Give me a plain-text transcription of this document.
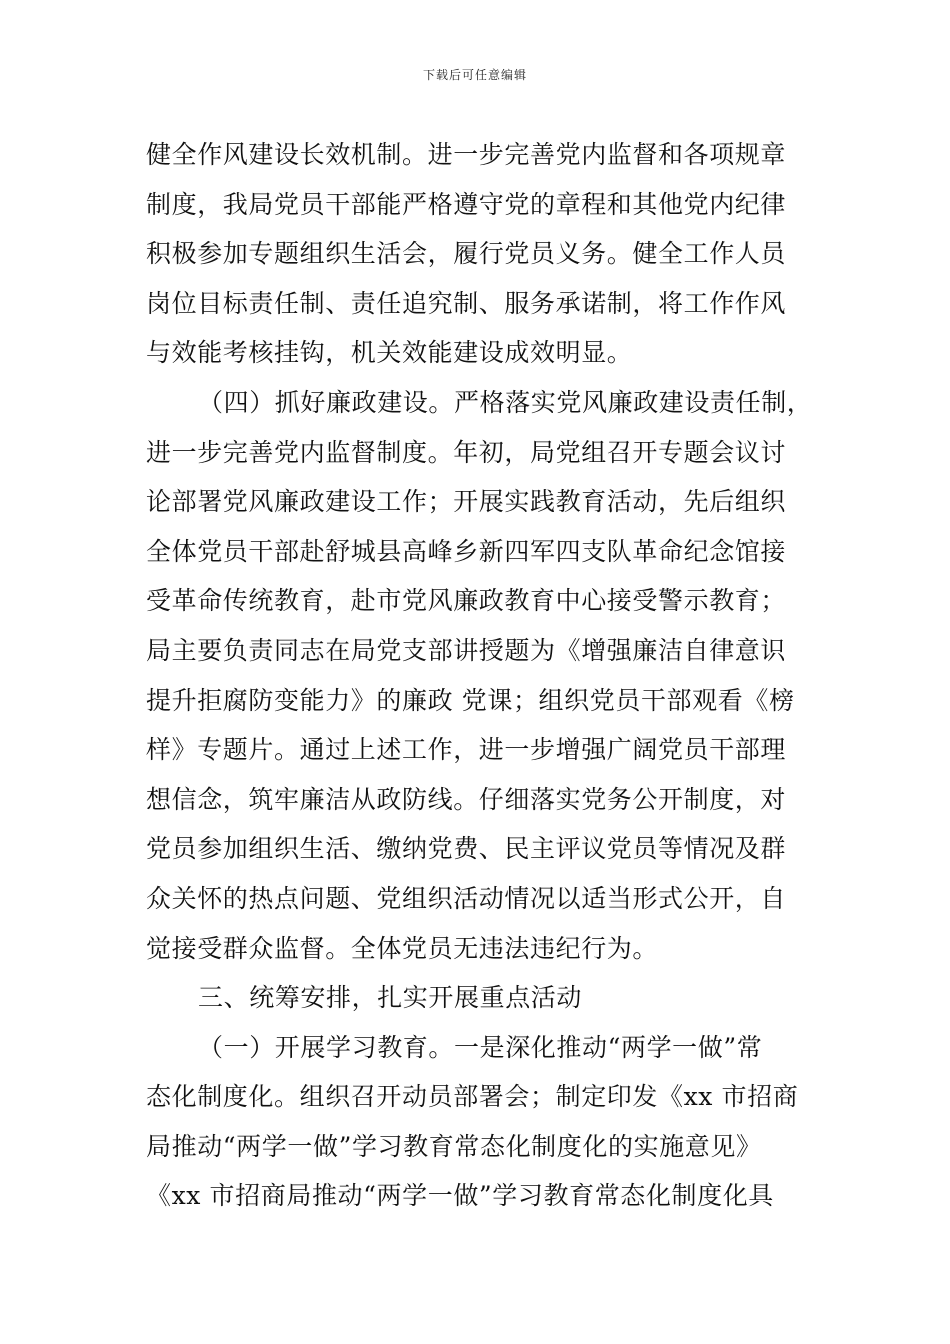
下载后可任意编辑
健全作风建设长效机制。进一步完善党内监督和各项规章
制度，我局党员干部能严格遵守党的章程和其他党内纪律
积极参加专题组织生活会，履行党员义务。健全工作人员
岗位目标责任制、责任追究制、服务承诺制，将工作作风
与效能考核挂钩，机关效能建设成效明显。
（四）抓好廉政建设。严格落实党风廉政建设责任制，
进一步完善党内监督制度。年初，局党组召开专题会议讨
论部署党风廉政建设工作；开展实践教育活动，先后组织
全体党员干部赴舒城县高峰乡新四军四支队革命纪念馆接
受革命传统教育，赴市党风廉政教育中心接受警示教育；
局主要负责同志在局党支部讲授题为《增强廉洁自律意识
提升拒腐防变能力》的廉政 党课；组织党员干部观看《榜
样》专题片。通过上述工作，进一步增强广阔党员干部理
想信念，筑牢廉洁从政防线。仔细落实党务公开制度，对
党员参加组织生活、缴纳党费、民主评议党员等情况及群
众关怀的热点问题、党组织活动情况以适当形式公开，自
觉接受群众监督。全体党员无违法违纪行为。
三、统筹安排，扎实开展重点活动
（一）开展学习教育。一是深化推动“两学一做”常
态化制度化。组织召开动员部署会；制定印发《xx 市招商
局推动“两学一做”学习教育常态化制度化的实施意见》
《xx 市招商局推动“两学一做”学习教育常态化制度化具
